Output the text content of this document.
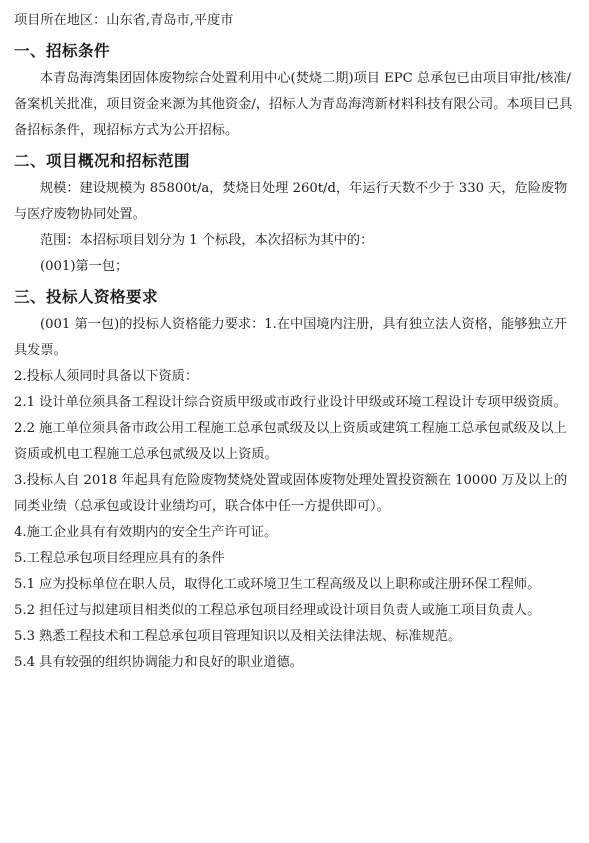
项目所在地区：山东省,青岛市,平度市

一、招标条件

本青岛海湾集团固体废物综合处置利用中心(焚烧二期)项目 EPC 总承包已由项目审批/核准/备案机关批准，项目资金来源为其他资金/，招标人为青岛海湾新材料科技有限公司。本项目已具备招标条件，现招标方式为公开招标。

二、项目概况和招标范围

规模：建设规模为 85800t/a，焚烧日处理 260t/d，年运行天数不少于 330 天，危险废物与医疗废物协同处置。

范围：本招标项目划分为 1 个标段，本次招标为其中的：

(001)第一包；

三、投标人资格要求

(001 第一包)的投标人资格能力要求：1.在中国境内注册，具有独立法人资格，能够独立开具发票。

2.投标人须同时具备以下资质：

2.1 设计单位须具备工程设计综合资质甲级或市政行业设计甲级或环境工程设计专项甲级资质。

2.2 施工单位须具备市政公用工程施工总承包贰级及以上资质或建筑工程施工总承包贰级及以上资质或机电工程施工总承包贰级及以上资质。

3.投标人自 2018 年起具有危险废物焚烧处置或固体废物处理处置投资额在 10000 万及以上的同类业绩（总承包或设计业绩均可，联合体中任一方提供即可）。

4.施工企业具有有效期内的安全生产许可证。

5.工程总承包项目经理应具有的条件

5.1 应为投标单位在职人员，取得化工或环境卫生工程高级及以上职称或注册环保工程师。

5.2 担任过与拟建项目相类似的工程总承包项目经理或设计项目负责人或施工项目负责人。

5.3 熟悉工程技术和工程总承包项目管理知识以及相关法律法规、标准规范。

5.4 具有较强的组织协调能力和良好的职业道德。
